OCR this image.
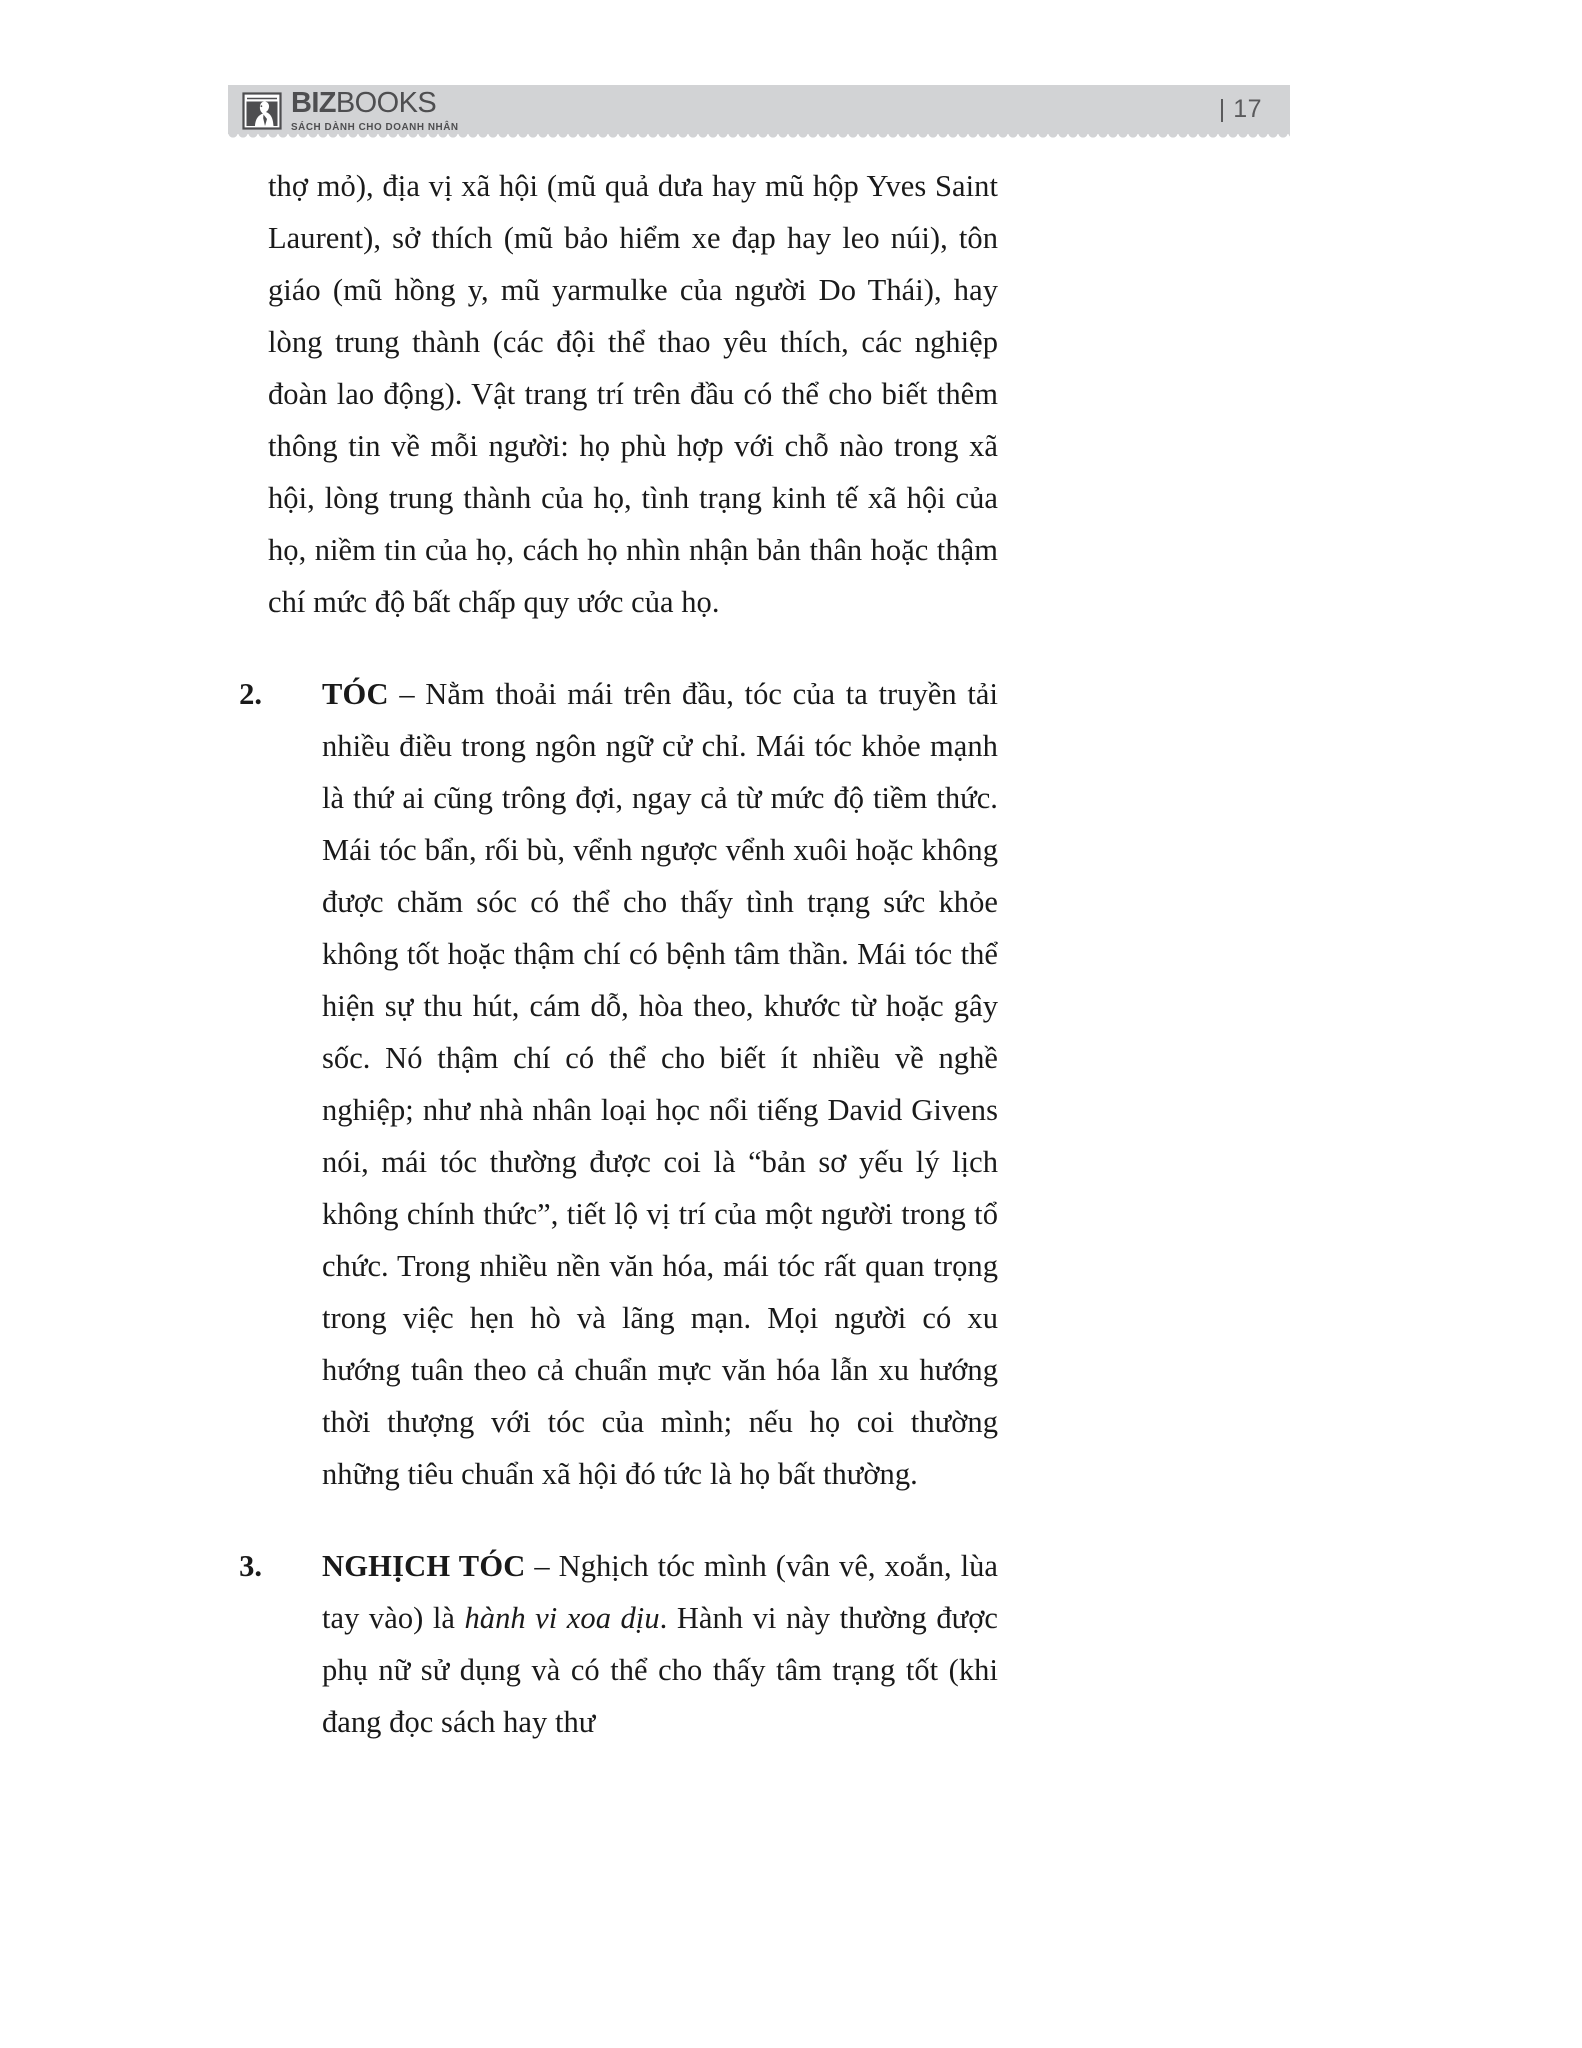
BIZBOOKS
SÁCH DÀNH CHO DOANH NHÂN
| 17

thợ mỏ), địa vị xã hội (mũ quả dưa hay mũ hộp Yves Saint Laurent), sở thích (mũ bảo hiểm xe đạp hay leo núi), tôn giáo (mũ hồng y, mũ yarmulke của người Do Thái), hay lòng trung thành (các đội thể thao yêu thích, các nghiệp đoàn lao động). Vật trang trí trên đầu có thể cho biết thêm thông tin về mỗi người: họ phù hợp với chỗ nào trong xã hội, lòng trung thành của họ, tình trạng kinh tế xã hội của họ, niềm tin của họ, cách họ nhìn nhận bản thân hoặc thậm chí mức độ bất chấp quy ước của họ.

2. TÓC – Nằm thoải mái trên đầu, tóc của ta truyền tải nhiều điều trong ngôn ngữ cử chỉ. Mái tóc khỏe mạnh là thứ ai cũng trông đợi, ngay cả từ mức độ tiềm thức. Mái tóc bẩn, rối bù, vểnh ngược vểnh xuôi hoặc không được chăm sóc có thể cho thấy tình trạng sức khỏe không tốt hoặc thậm chí có bệnh tâm thần. Mái tóc thể hiện sự thu hút, cám dỗ, hòa theo, khước từ hoặc gây sốc. Nó thậm chí có thể cho biết ít nhiều về nghề nghiệp; như nhà nhân loại học nổi tiếng David Givens nói, mái tóc thường được coi là “bản sơ yếu lý lịch không chính thức”, tiết lộ vị trí của một người trong tổ chức. Trong nhiều nền văn hóa, mái tóc rất quan trọng trong việc hẹn hò và lãng mạn. Mọi người có xu hướng tuân theo cả chuẩn mực văn hóa lẫn xu hướng thời thượng với tóc của mình; nếu họ coi thường những tiêu chuẩn xã hội đó tức là họ bất thường.

3. NGHỊCH TÓC – Nghịch tóc mình (vân vê, xoắn, lùa tay vào) là hành vi xoa dịu. Hành vi này thường được phụ nữ sử dụng và có thể cho thấy tâm trạng tốt (khi đang đọc sách hay thư
